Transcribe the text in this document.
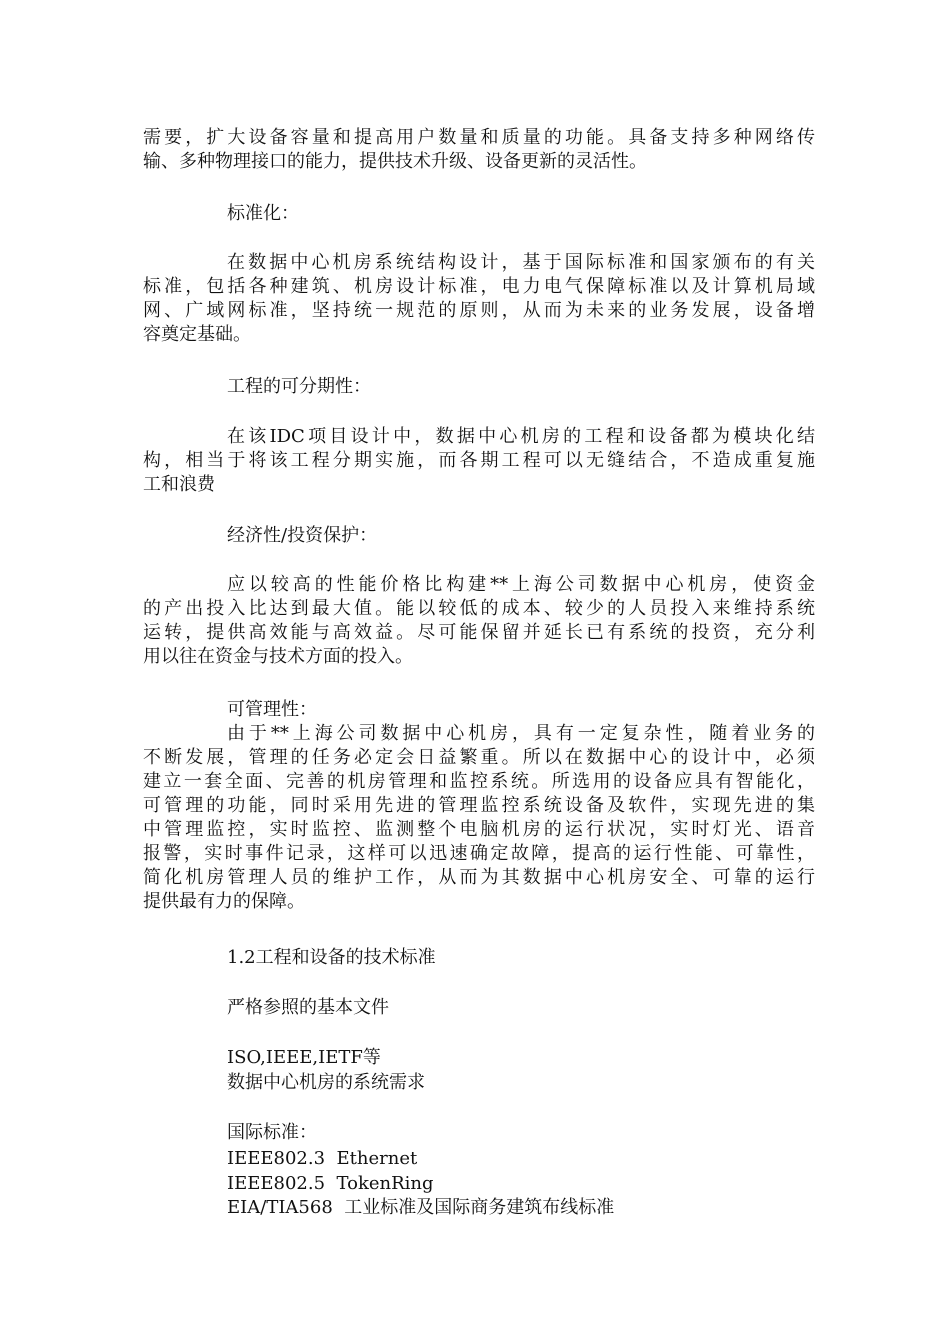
需要，扩大设备容量和提高用户数量和质量的功能。具备支持多种网络传
输、多种物理接口的能力，提供技术升级、设备更新的灵活性。
标准化：
在数据中心机房系统结构设计，基于国际标准和国家颁布的有关
标准，包括各种建筑、机房设计标准，电力电气保障标准以及计算机局域
网、广域网标准，坚持统一规范的原则，从而为未来的业务发展，设备增
容奠定基础。
工程的可分期性：
在该IDC项目设计中，数据中心机房的工程和设备都为模块化结
构，相当于将该工程分期实施，而各期工程可以无缝结合，不造成重复施
工和浪费
经济性/投资保护：
应以较高的性能价格比构建**上海公司数据中心机房，使资金
的产出投入比达到最大值。能以较低的成本、较少的人员投入来维持系统
运转，提供高效能与高效益。尽可能保留并延长已有系统的投资，充分利
用以往在资金与技术方面的投入。
可管理性：
由于**上海公司数据中心机房，具有一定复杂性，随着业务的
不断发展，管理的任务必定会日益繁重。所以在数据中心的设计中，必须
建立一套全面、完善的机房管理和监控系统。所选用的设备应具有智能化，
可管理的功能，同时采用先进的管理监控系统设备及软件，实现先进的集
中管理监控，实时监控、监测整个电脑机房的运行状况，实时灯光、语音
报警，实时事件记录，这样可以迅速确定故障，提高的运行性能、可靠性，
简化机房管理人员的维护工作，从而为其数据中心机房安全、可靠的运行
提供最有力的保障。
1.2工程和设备的技术标准
严格参照的基本文件
ISO,IEEE,IETF等
数据中心机房的系统需求
国际标准：
IEEE802.3  Ethernet
IEEE802.5  TokenRing
EIA/TIA568  工业标准及国际商务建筑布线标准
